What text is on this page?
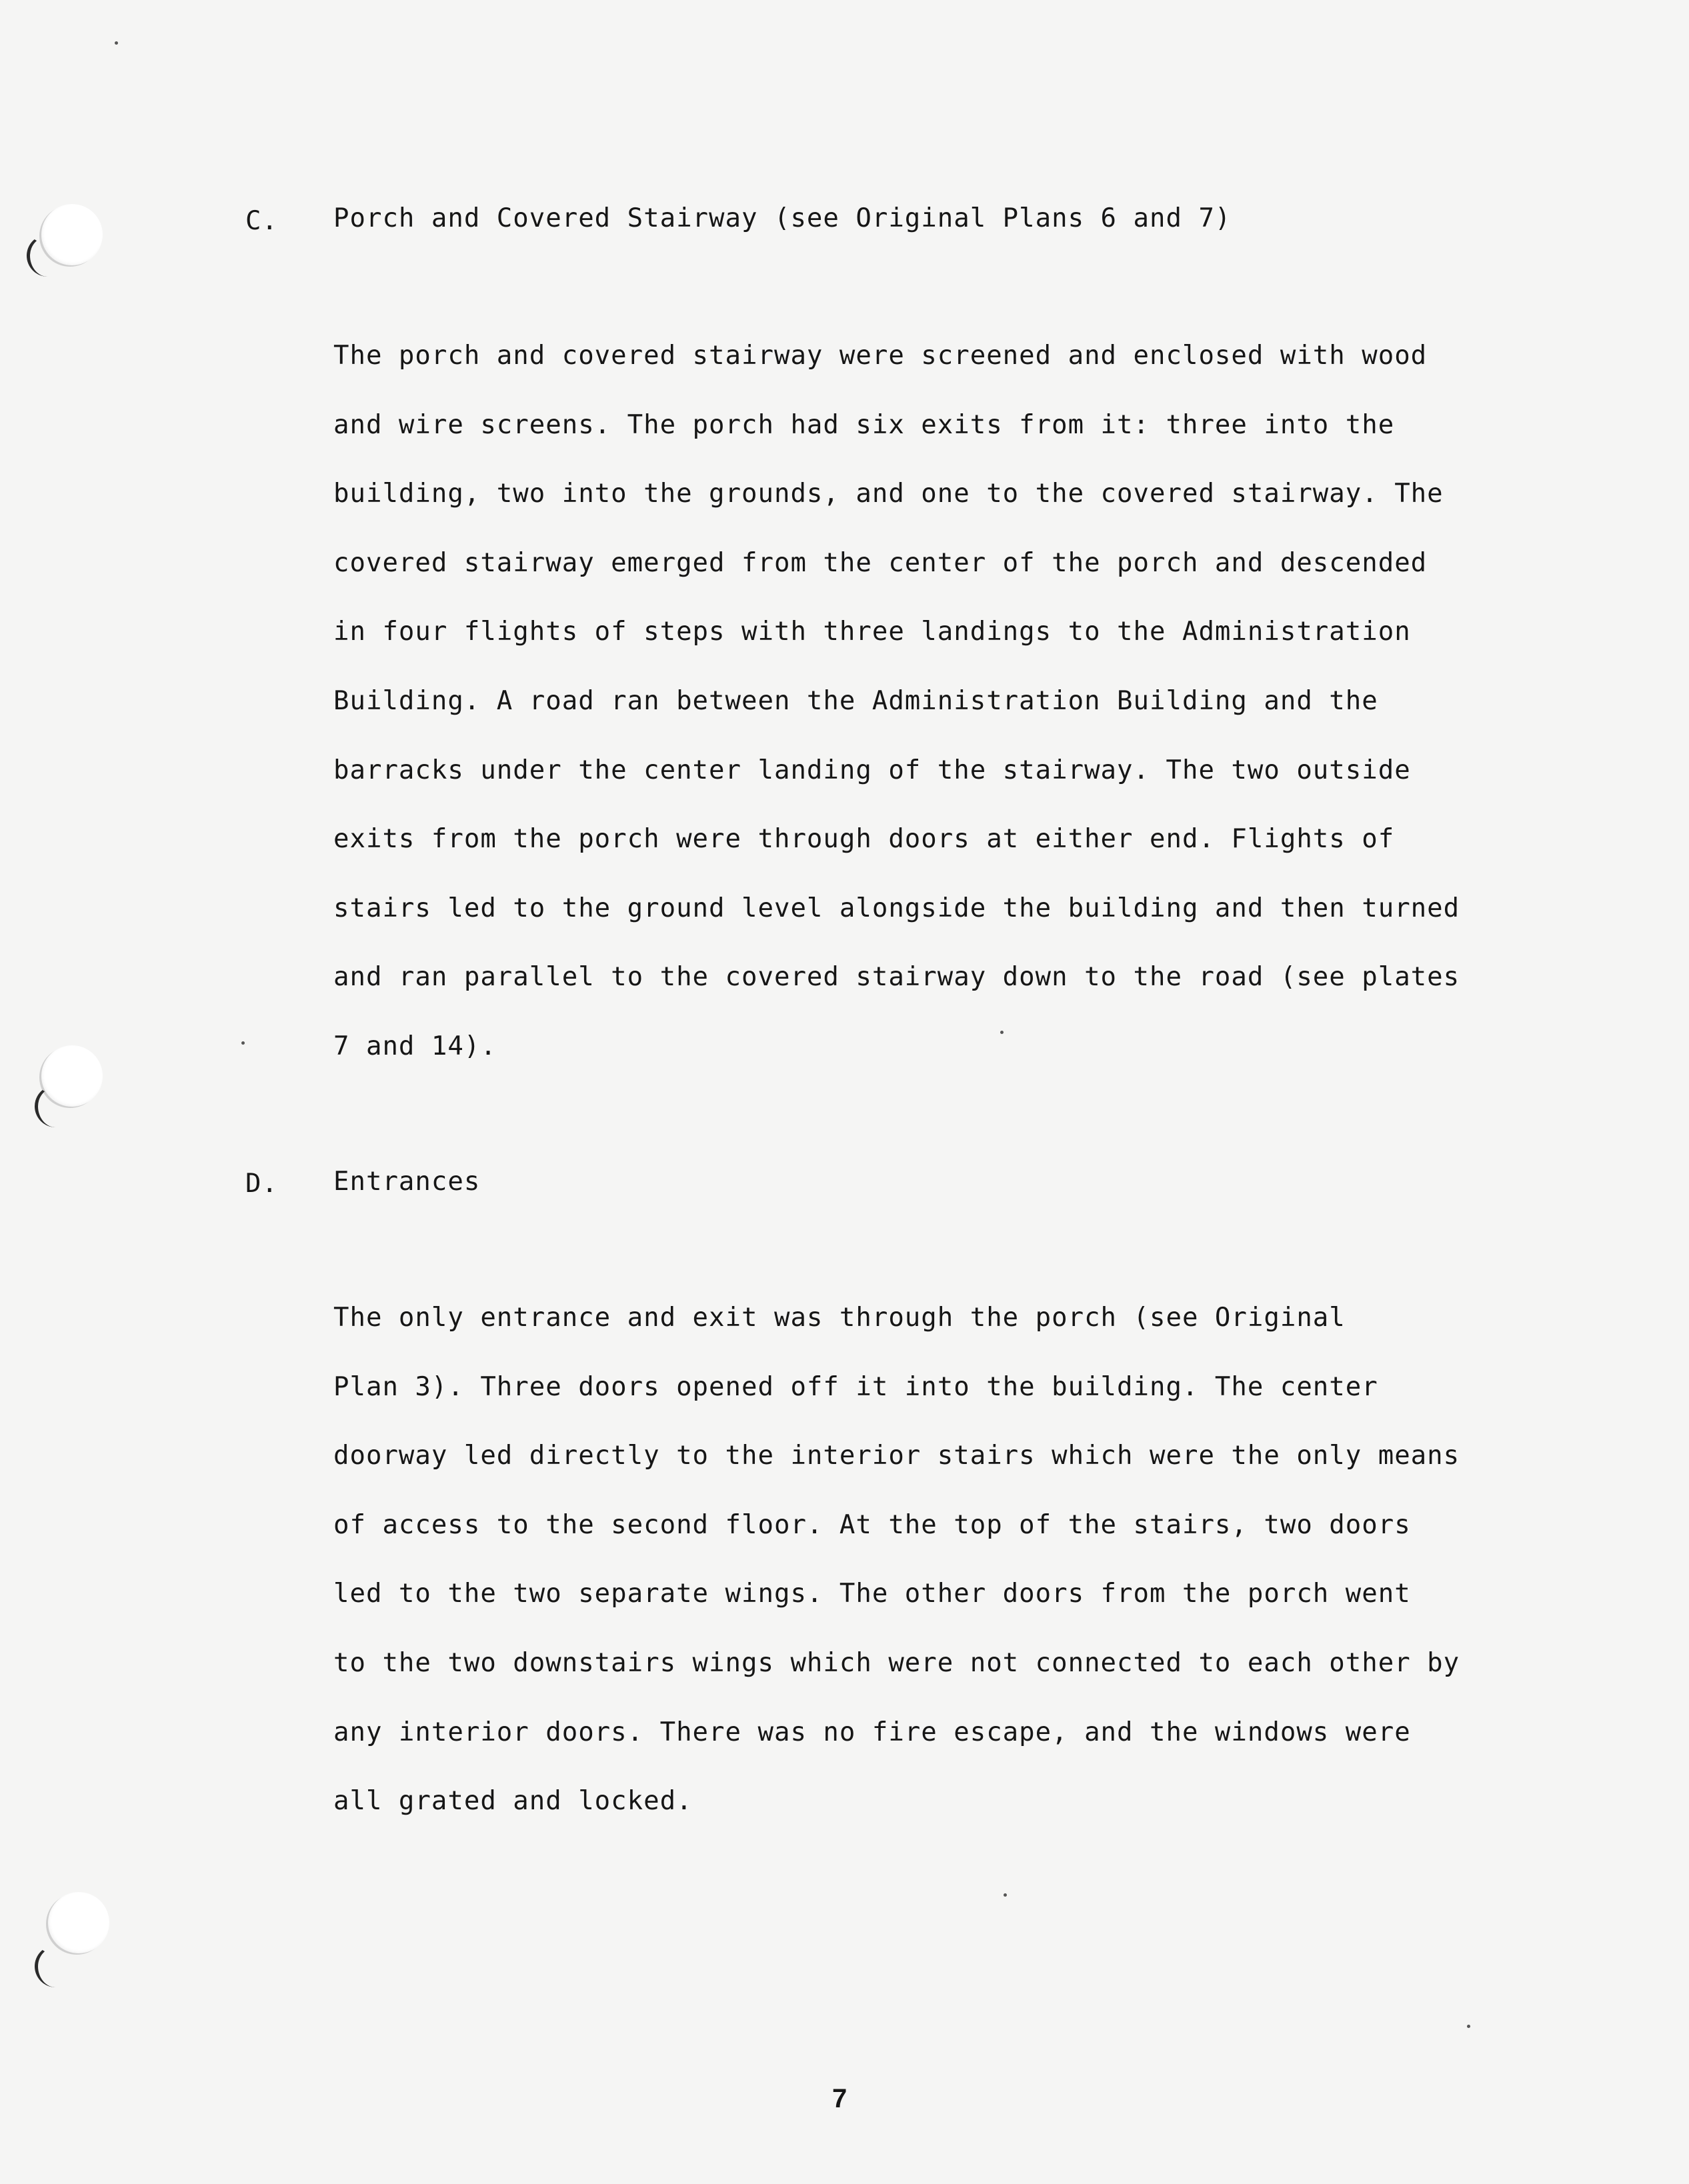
C. Porch and Covered Stairway (see Original Plans 6 and 7)
The porch and covered stairway were screened and enclosed with wood
and wire screens. The porch had six exits from it: three into the
building, two into the grounds, and one to the covered stairway. The
covered stairway emerged from the center of the porch and descended
in four flights of steps with three landings to the Administration
Building. A road ran between the Administration Building and the
barracks under the center landing of the stairway. The two outside
exits from the porch were through doors at either end. Flights of
stairs led to the ground level alongside the building and then turned
and ran parallel to the covered stairway down to the road (see plates
7 and 14).
D. Entrances
The only entrance and exit was through the porch (see Original
Plan 3). Three doors opened off it into the building. The center
doorway led directly to the interior stairs which were the only means
of access to the second floor. At the top of the stairs, two doors
led to the two separate wings. The other doors from the porch went
to the two downstairs wings which were not connected to each other by
any interior doors. There was no fire escape, and the windows were
all grated and locked.
7
